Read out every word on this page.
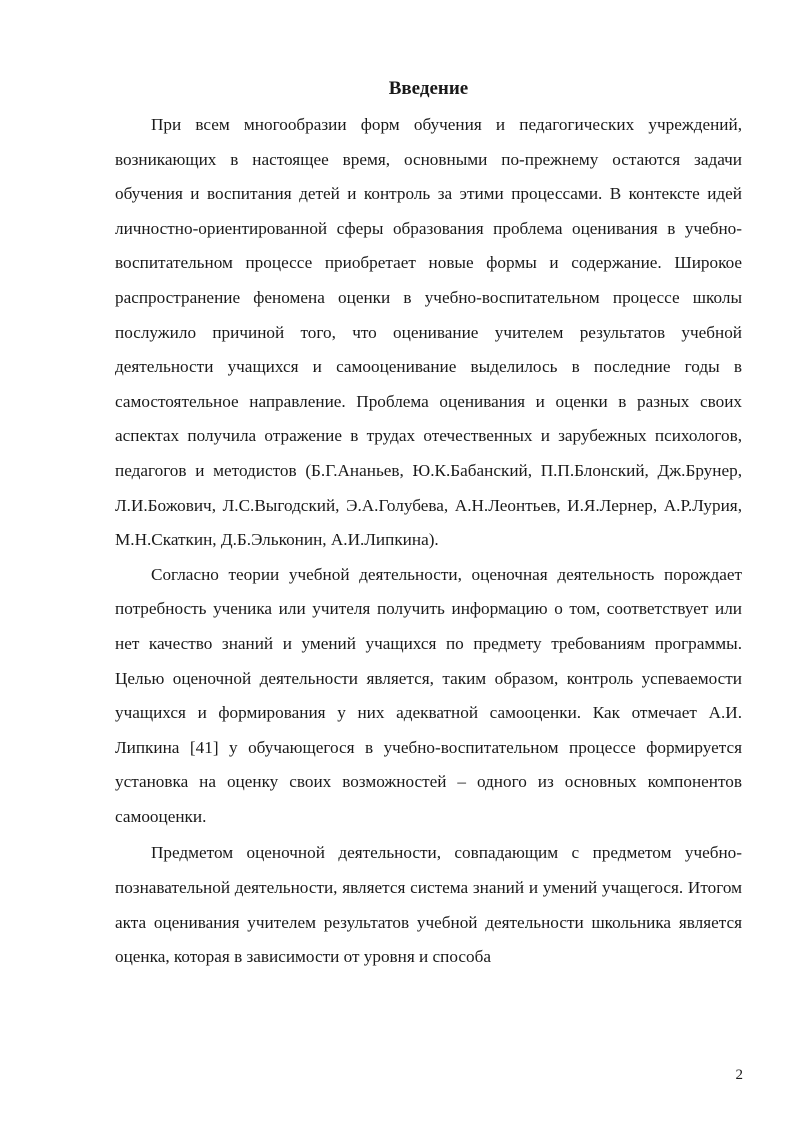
Введение

При всем многообразии форм обучения и педагогических учреждений, возникающих в настоящее время, основными по-прежнему остаются задачи обучения и воспитания детей и контроль за этими процессами. В контексте идей личностно-ориентированной сферы образования проблема оценивания в учебно-воспитательном процессе приобретает новые формы и содержание. Широкое распространение феномена оценки в учебно-воспитательном процессе школы послужило причиной того, что оценивание учителем результатов учебной деятельности учащихся и самооценивание выделилось в последние годы в самостоятельное направление. Проблема оценивания и оценки в разных своих аспектах получила отражение в трудах отечественных и зарубежных психологов, педагогов и методистов (Б.Г.Ананьев, Ю.К.Бабанский, П.П.Блонский, Дж.Брунер, Л.И.Божович, Л.С.Выгодский, Э.А.Голубева, А.Н.Леонтьев, И.Я.Лернер, А.Р.Лурия, М.Н.Скаткин, Д.Б.Эльконин, А.И.Липкина).

Согласно теории учебной деятельности, оценочная деятельность порождает потребность ученика или учителя получить информацию о том, соответствует или нет качество знаний и умений учащихся по предмету требованиям программы. Целью оценочной деятельности является, таким образом, контроль успеваемости учащихся и формирования у них адекватной самооценки. Как отмечает А.И. Липкина [41] у обучающегося в учебно-воспитательном процессе формируется установка на оценку своих возможностей – одного из основных компонентов самооценки.

Предметом оценочной деятельности, совпадающим с предметом учебно-познавательной деятельности, является система знаний и умений учащегося. Итогом акта оценивания учителем результатов учебной деятельности школьника является оценка, которая в зависимости от уровня и способа

2
